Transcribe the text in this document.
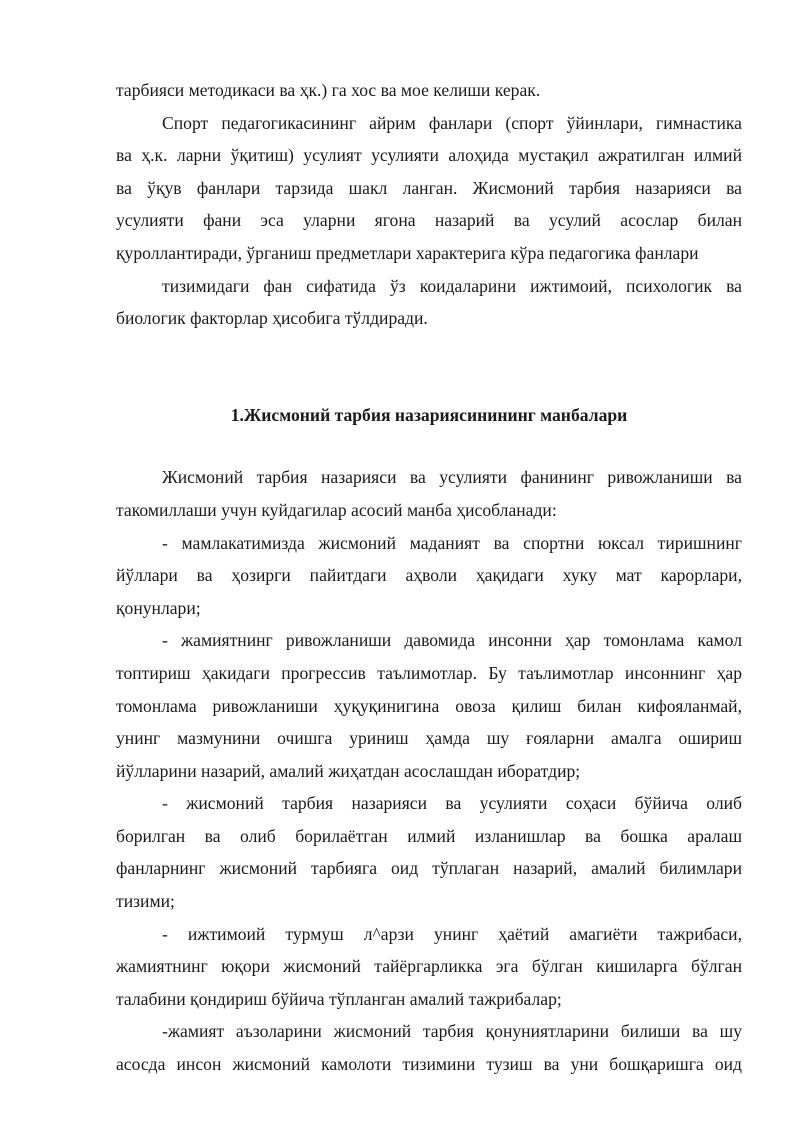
тарбияси методикаси ва ҳк.) га хос ва мое келиши керак.
Спорт педагогикасининг айрим фанлари (спорт ўйинлари, гимнастика
ва ҳ.к. ларни ўқитиш) усулият усулияти алоҳида мустақил ажратилган илмий
ва ўқув фанлари тарзида шакл ланган. Жисмоний тарбия назарияси ва
усулияти фани эса уларни ягона назарий ва усулий асослар билан
қуроллантиради, ўрганиш предметлари характерига кўра педагогика фанлари
тизимидаги фан сифатида ўз коидаларини ижтимоий, психологик ва
биологик факторлар ҳисобига тўлдиради.
1.Жисмоний тарбия назариясинининг манбалари
Жисмоний тарбия назарияси ва усулияти фанининг ривожланиши ва
такомиллаши учун куйдагилар асосий манба ҳисобланади:
- мамлакатимизда жисмоний маданият ва спортни юксал тиришнинг
йўллари ва ҳозирги пайитдаги аҳволи ҳақидаги хуку мат карорлари,
қонунлари;
- жамиятнинг ривожланиши давомида инсонни ҳар томонлама камол
топтириш ҳакидаги прогрессив таълимотлар. Бу таълимотлар инсоннинг ҳар
томонлама ривожланиши ҳуқуқинигина овоза қилиш билан кифояланмай,
унинг мазмунини очишга уриниш ҳамда шу ғояларни амалга ошириш
йўлларини назарий, амалий жиҳатдан асослашдан иборатдир;
- жисмоний тарбия назарияси ва усулияти соҳаси бўйича олиб
борилган ва олиб борилаётган илмий изланишлар ва бошка аралаш
фанларнинг жисмоний тарбияга оид тўплаган назарий, амалий билимлари
тизими;
- ижтимоий турмуш л^арзи унинг ҳаётий амагиёти тажрибаси,
жамиятнинг юқори жисмоний тайёргарликка эга бўлган кишиларга бўлган
талабини қондириш бўйича тўпланган амалий тажрибалар;
-жамият аъзоларини жисмоний тарбия қонуниятларини билиши ва шу
асосда инсон жисмоний камолоти тизимини тузиш ва уни бошқаришга оид
